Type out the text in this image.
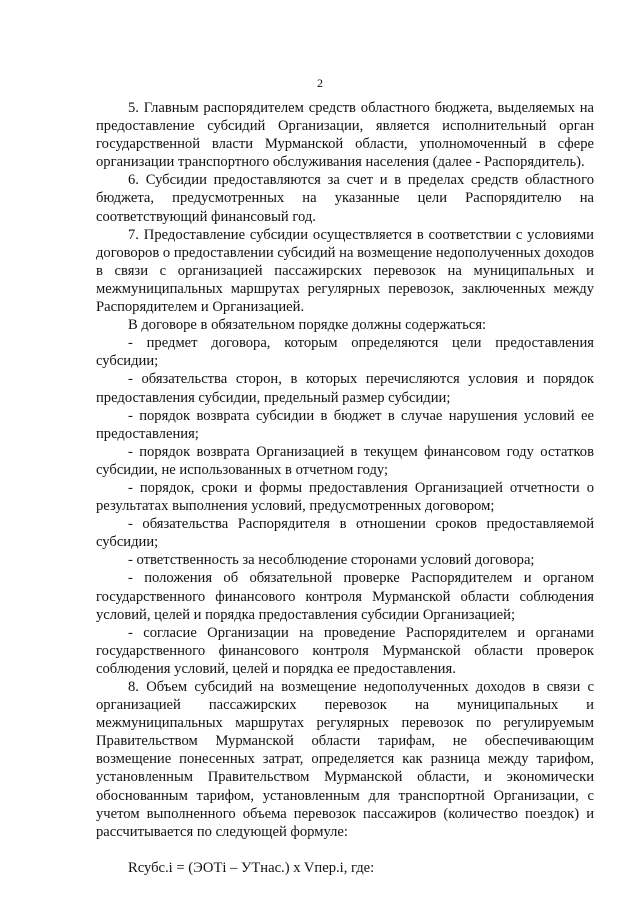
2

5. Главным распорядителем средств областного бюджета, выделяемых на предоставление субсидий Организации, является исполнительный орган государственной власти Мурманской области, уполномоченный в сфере организации транспортного обслуживания населения (далее - Распорядитель).

6. Субсидии предоставляются за счет и в пределах средств областного бюджета, предусмотренных на указанные цели Распорядителю на соответствующий финансовый год.

7. Предоставление субсидии осуществляется в соответствии с условиями договоров о предоставлении субсидий на возмещение недополученных доходов в связи с организацией пассажирских перевозок на муниципальных и межмуниципальных маршрутах регулярных перевозок, заключенных между Распорядителем и Организацией.

В договоре в обязательном порядке должны содержаться:

- предмет договора, которым определяются цели предоставления субсидии;

- обязательства сторон, в которых перечисляются условия и порядок предоставления субсидии, предельный размер субсидии;

- порядок возврата субсидии в бюджет в случае нарушения условий ее предоставления;

- порядок возврата Организацией в текущем финансовом году остатков субсидии, не использованных в отчетном году;

- порядок, сроки и формы предоставления Организацией отчетности о результатах выполнения условий, предусмотренных договором;

- обязательства Распорядителя в отношении сроков предоставляемой субсидии;

- ответственность за несоблюдение сторонами условий договора;

- положения об обязательной проверке Распорядителем и органом государственного финансового контроля Мурманской области соблюдения условий, целей и порядка предоставления субсидии Организацией;

- согласие Организации на проведение Распорядителем и органами государственного финансового контроля Мурманской области проверок соблюдения условий, целей и порядка ее предоставления.

8. Объем субсидий на возмещение недополученных доходов в связи с организацией пассажирских перевозок на муниципальных и межмуниципальных маршрутах регулярных перевозок по регулируемым Правительством Мурманской области тарифам, не обеспечивающим возмещение понесенных затрат, определяется как разница между тарифом, установленным Правительством Мурманской области, и экономически обоснованным тарифом, установленным для транспортной Организации, с учетом выполненного объема перевозок пассажиров (количество поездок) и рассчитывается по следующей формуле:

Rсубс.i = (ЭОТi – УТнас.) x Vпер.i, где:
